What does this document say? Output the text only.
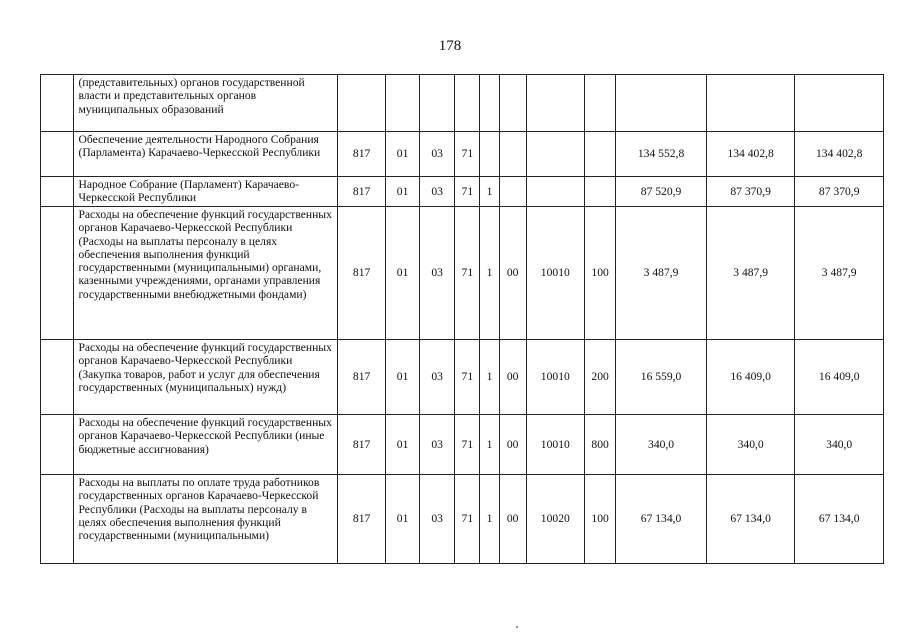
178
	(представительных) органов государственной власти и представительных органов муниципальных образований											
	Обеспечение деятельности Народного Собрания (Парламента) Карачаево-Черкесской Республики	817	01	03	71					134 552,8	134 402,8	134 402,8
	Народное Собрание (Парламент) Карачаево-Черкесской Республики	817	01	03	71	1				87 520,9	87 370,9	87 370,9
	Расходы на обеспечение функций государственных органов Карачаево-Черкесской Республики (Расходы на выплаты персоналу в целях обеспечения выполнения функций государственными (муниципальными) органами, казенными учреждениями, органами управления государственными внебюджетными фондами)	817	01	03	71	1	00	10010	100	3 487,9	3 487,9	3 487,9
	Расходы на обеспечение функций государственных органов Карачаево-Черкесской Республики (Закупка товаров, работ и услуг для обеспечения государственных (муниципальных) нужд)	817	01	03	71	1	00	10010	200	16 559,0	16 409,0	16 409,0
	Расходы на обеспечение функций государственных органов Карачаево-Черкесской Республики (иные бюджетные ассигнования)	817	01	03	71	1	00	10010	800	340,0	340,0	340,0
	Расходы на выплаты по оплате труда работников государственных органов Карачаево-Черкесской Республики (Расходы на выплаты персоналу в целях обеспечения выполнения функций государственными (муниципальными)	817	01	03	71	1	00	10020	100	67 134,0	67 134,0	67 134,0
